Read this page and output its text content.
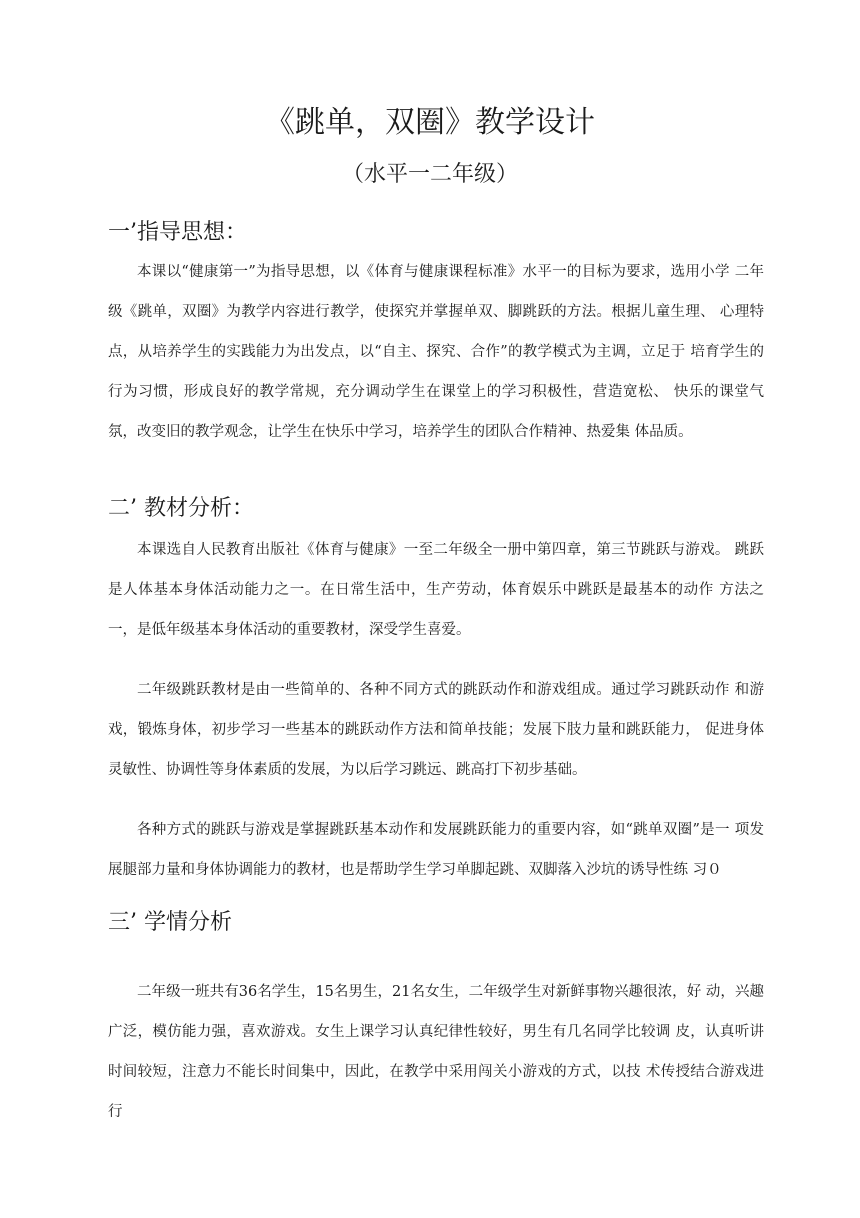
《跳单，双圈》教学设计

（水平一二年级）

一’指导思想：

本课以“健康第一”为指导思想，以《体育与健康课程标准》水平一的目标为要求，选用小学 二年级《跳单，双圈》为教学内容进行教学，使探究并掌握单双、脚跳跃的方法。根据儿童生理、 心理特点，从培养学生的实践能力为出发点，以“自主、探究、合作”的教学模式为主调，立足于 培育学生的行为习惯，形成良好的教学常规，充分调动学生在课堂上的学习积极性，营造宽松、 快乐的课堂气氛，改变旧的教学观念，让学生在快乐中学习，培养学生的团队合作精神、热爱集 体品质。

二’ 教材分析：

本课选自人民教育出版社《体育与健康》一至二年级全一册中第四章，第三节跳跃与游戏。 跳跃是人体基本身体活动能力之一。在日常生活中，生产劳动，体育娱乐中跳跃是最基本的动作 方法之一，是低年级基本身体活动的重要教材，深受学生喜爱。

二年级跳跃教材是由一些简单的、各种不同方式的跳跃动作和游戏组成。通过学习跳跃动作 和游戏，锻炼身体，初步学习一些基本的跳跃动作方法和简单技能；发展下肢力量和跳跃能力， 促进身体灵敏性、协调性等身体素质的发展，为以后学习跳远、跳高打下初步基础。

各种方式的跳跃与游戏是掌握跳跃基本动作和发展跳跃能力的重要内容，如“跳单双圈”是一 项发展腿部力量和身体协调能力的教材，也是帮助学生学习单脚起跳、双脚落入沙坑的诱导性练 习０

三’ 学情分析

二年级一班共有36名学生，15名男生，21名女生，二年级学生对新鲜事物兴趣很浓，好 动，兴趣广泛，模仿能力强，喜欢游戏。女生上课学习认真纪律性较好，男生有几名同学比较调 皮，认真听讲时间较短，注意力不能长时间集中，因此，在教学中采用闯关小游戏的方式，以技 术传授结合游戏进行
